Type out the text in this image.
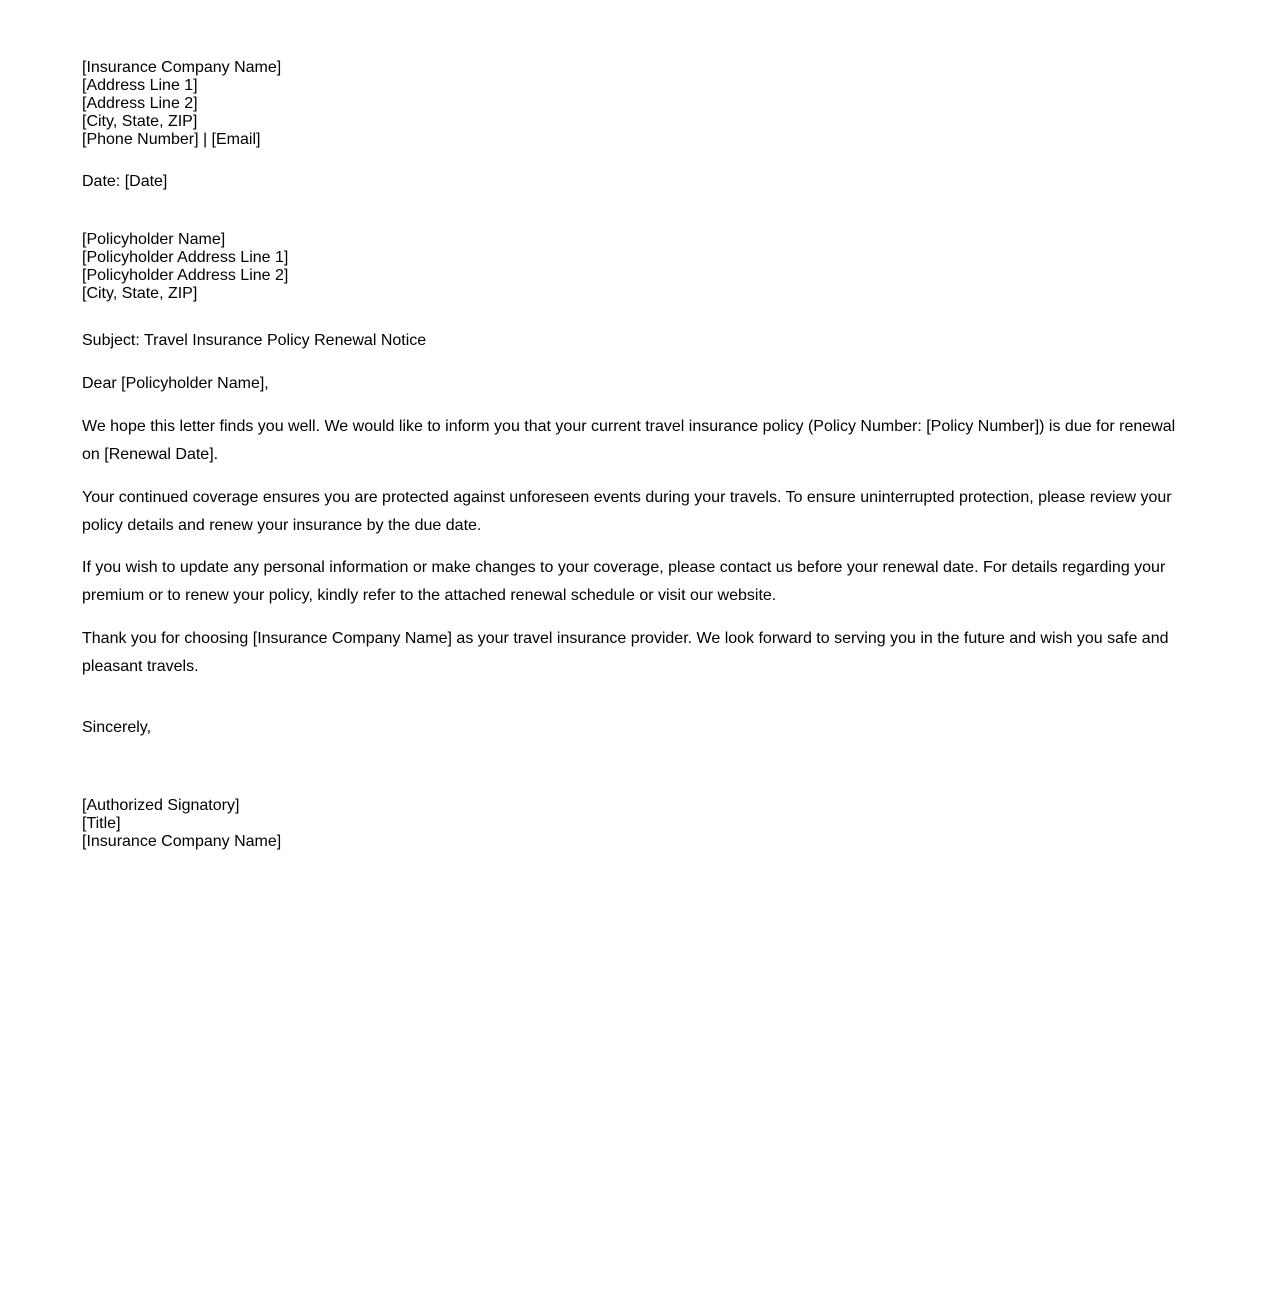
[Insurance Company Name]
[Address Line 1]
[Address Line 2]
[City, State, ZIP]
[Phone Number] | [Email]
Date: [Date]
[Policyholder Name]
[Policyholder Address Line 1]
[Policyholder Address Line 2]
[City, State, ZIP]
Subject: Travel Insurance Policy Renewal Notice
Dear [Policyholder Name],

We hope this letter finds you well. We would like to inform you that your current travel insurance policy (Policy Number: [Policy Number]) is due for renewal on [Renewal Date].

Your continued coverage ensures you are protected against unforeseen events during your travels. To ensure uninterrupted protection, please review your policy details and renew your insurance by the due date.

If you wish to update any personal information or make changes to your coverage, please contact us before your renewal date. For details regarding your premium or to renew your policy, kindly refer to the attached renewal schedule or visit our website.

Thank you for choosing [Insurance Company Name] as your travel insurance provider. We look forward to serving you in the future and wish you safe and pleasant travels.

Sincerely,
[Authorized Signatory]
[Title]
[Insurance Company Name]
